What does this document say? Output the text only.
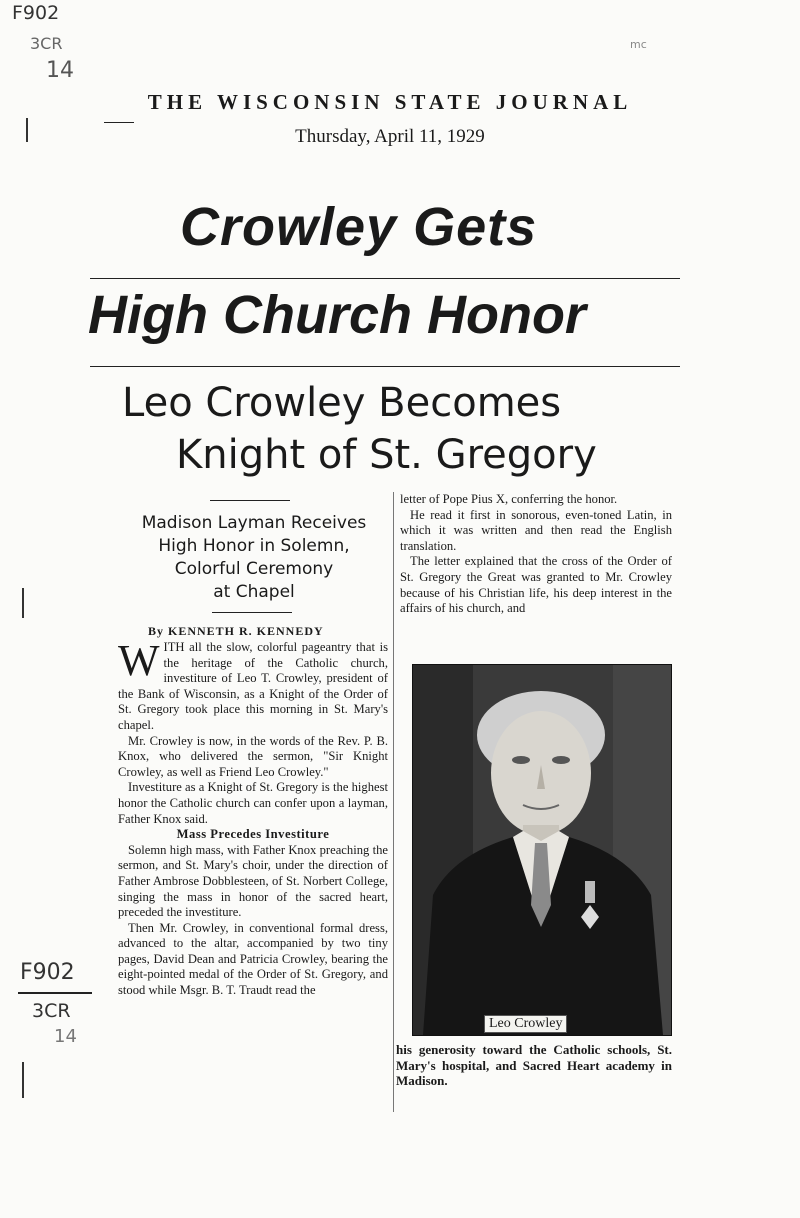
F902
3CR
14
mc
F902
3CR
14
THE WISCONSIN STATE JOURNAL
Thursday, April 11, 1929
Crowley Gets
High Church Honor
Leo Crowley Becomes
Knight of St. Gregory
Madison Layman Receives
High Honor in Solemn,
Colorful Ceremony
at Chapel
By KENNETH R. KENNEDY
W ITH all the slow, colorful pageantry that is the heritage of the Catholic church, investiture of Leo T. Crowley, president of the Bank of Wisconsin, as a Knight of the Order of St. Gregory took place this morning in St. Mary's chapel.

Mr. Crowley is now, in the words of the Rev. P. B. Knox, who delivered the sermon, "Sir Knight Crowley, as well as Friend Leo Crowley."

Investiture as a Knight of St. Gregory is the highest honor the Catholic church can confer upon a layman, Father Knox said.

Mass Precedes Investiture

Solemn high mass, with Father Knox preaching the sermon, and St. Mary's choir, under the direction of Father Ambrose Dobblesteen, of St. Norbert College, singing the mass in honor of the sacred heart, preceded the investiture.

Then Mr. Crowley, in conventional formal dress, advanced to the altar, accompanied by two tiny pages, David Dean and Patricia Crowley, bearing the eight-pointed medal of the Order of St. Gregory, and stood while Msgr. B. T. Traudt read the

letter of Pope Pius X, conferring the honor.

He read it first in sonorous, even-toned Latin, in which it was written and then read the English translation.

The letter explained that the cross of the Order of St. Gregory the Great was granted to Mr. Crowley because of his Christian life, his deep interest in the affairs of his church, and

Leo Crowley

his generosity toward the Catholic schools, St. Mary's hospital, and Sacred Heart academy in Madison.
